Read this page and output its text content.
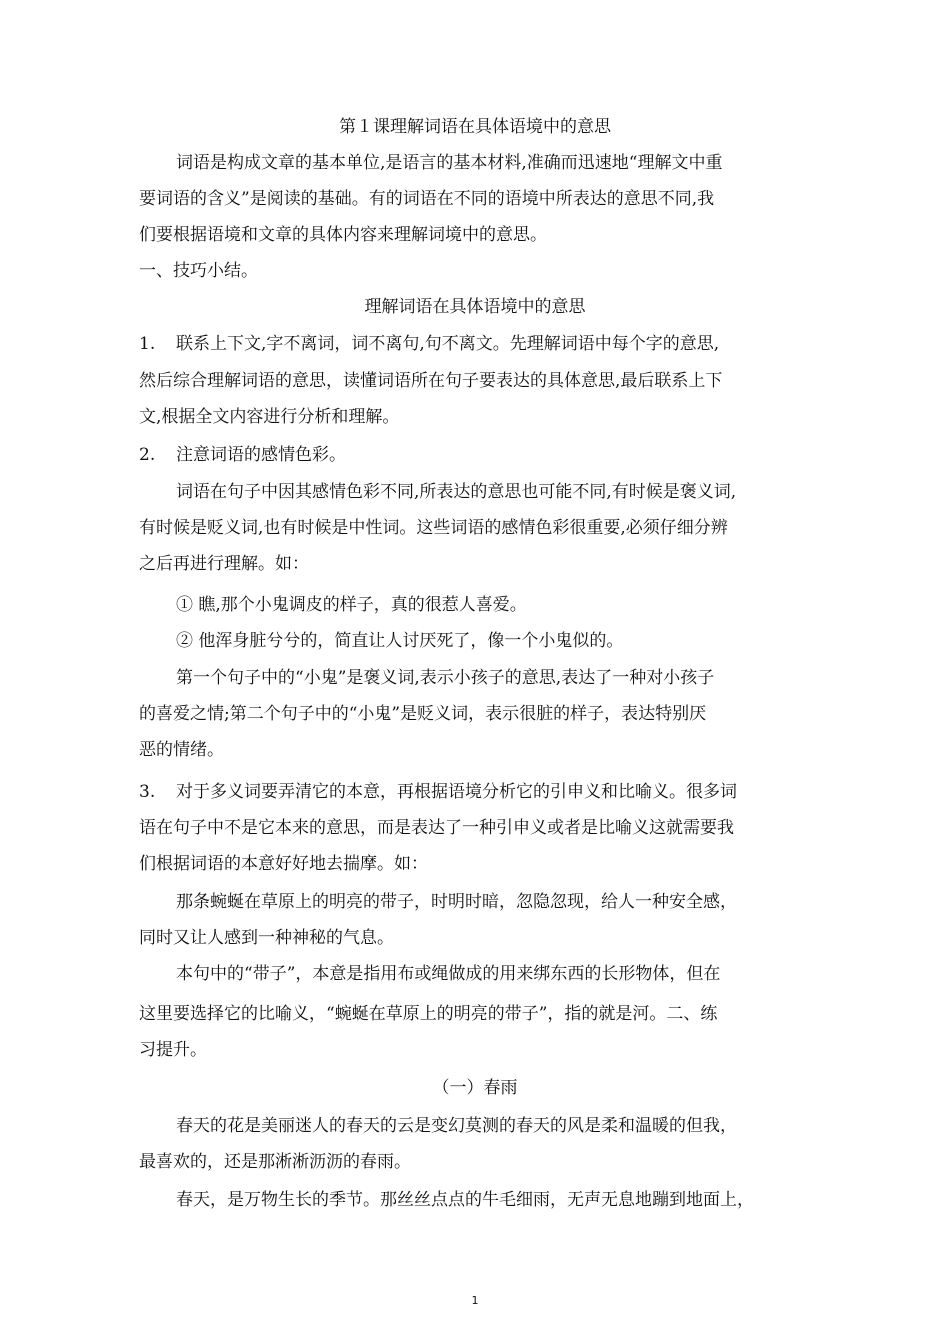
第１课理解词语在具体语境中的意思
词语是构成文章的基本单位,是语言的基本材料,准确而迅速地“理解文中重
要词语的含义”是阅读的基础。有的词语在不同的语境中所表达的意思不同,我
们要根据语境和文章的具体内容来理解词境中的意思。
一、技巧小结。
理解词语在具体语境中的意思
1. 联系上下文,字不离词，词不离句,句不离文。先理解词语中每个字的意思,
然后综合理解词语的意思，读懂词语所在句子要表达的具体意思,最后联系上下
文,根据全文内容进行分析和理解。
2. 注意词语的感情色彩。
词语在句子中因其感情色彩不同,所表达的意思也可能不同,有时候是褒义词,
有时候是贬义词,也有时候是中性词。这些词语的感情色彩很重要,必须仔细分辨
之后再进行理解。如：
① 瞧,那个小鬼调皮的样子，真的很惹人喜爱。
② 他浑身脏兮兮的，简直让人讨厌死了，像一个小鬼似的。
第一个句子中的“小鬼”是褒义词,表示小孩子的意思,表达了一种对小孩子
的喜爱之情;第二个句子中的“小鬼”是贬义词，表示很脏的样子，表达特别厌
恶的情绪。
3. 对于多义词要弄清它的本意，再根据语境分析它的引申义和比喻义。很多词
语在句子中不是它本来的意思，而是表达了一种引申义或者是比喻义这就需要我
们根据词语的本意好好地去揣摩。如：
那条蜿蜒在草原上的明亮的带子，时明时暗，忽隐忽现，给人一种安全感，
同时又让人感到一种神秘的气息。
本句中的“带子”，本意是指用布或绳做成的用来绑东西的长形物体，但在
这里要选择它的比喻义，“蜿蜒在草原上的明亮的带子”，指的就是河。二、练
习提升。
（一）春雨
春天的花是美丽迷人的春天的云是变幻莫测的春天的风是柔和温暖的但我，
最喜欢的，还是那淅淅沥沥的春雨。
春天，是万物生长的季节。那丝丝点点的牛毛细雨，无声无息地蹦到地面上，
1
